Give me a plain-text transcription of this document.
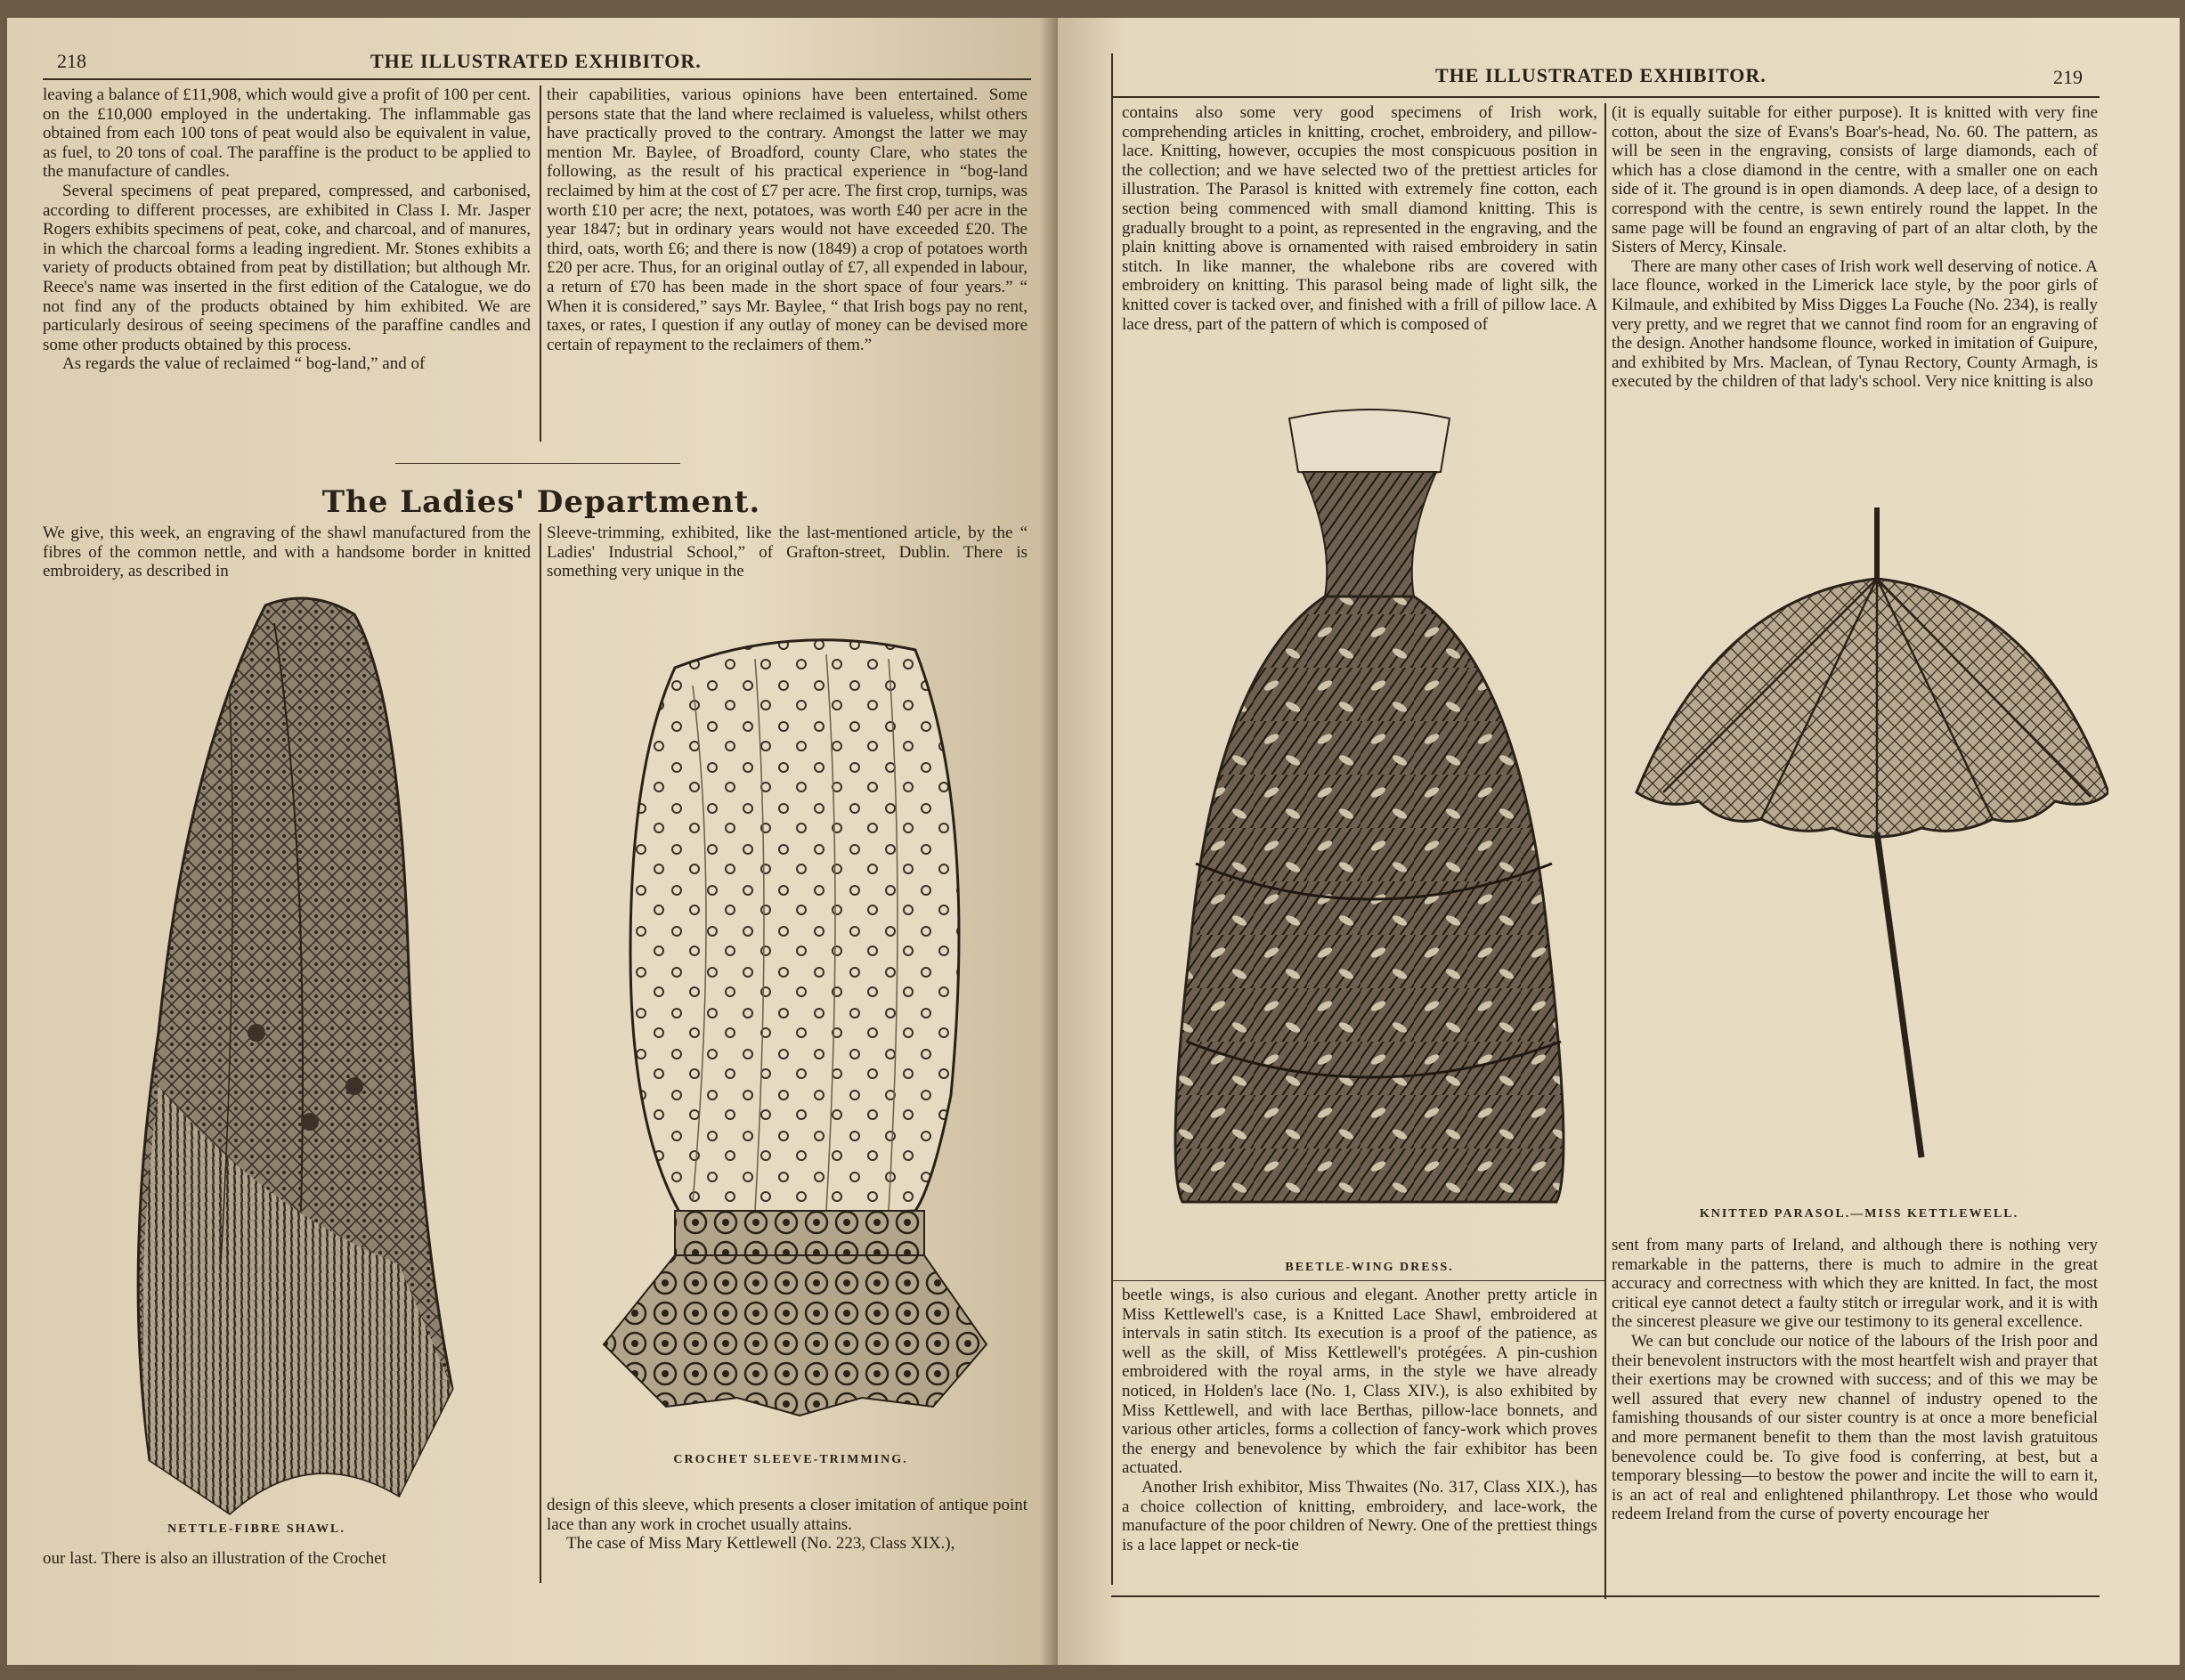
218	THE ILLUSTRATED EXHIBITOR.

leaving a balance of £11,908, which would give a profit of 100 per cent. on the £10,000 employed in the undertaking. The inflammable gas obtained from each 100 tons of peat would also be equivalent in value, as fuel, to 20 tons of coal. The paraffine is the product to be applied to the manufacture of candles.

Several specimens of peat prepared, compressed, and carbonised, according to different processes, are exhibited in Class I. Mr. Jasper Rogers exhibits specimens of peat, coke, and charcoal, and of manures, in which the charcoal forms a leading ingredient. Mr. Stones exhibits a variety of products obtained from peat by distillation; but although Mr. Reece's name was inserted in the first edition of the Catalogue, we do not find any of the products obtained by him exhibited. We are particularly desirous of seeing specimens of the paraffine candles and some other products obtained by this process.

As regards the value of reclaimed “ bog-land,” and of

their capabilities, various opinions have been entertained. Some persons state that the land where reclaimed is valueless, whilst others have practically proved to the contrary. Amongst the latter we may mention Mr. Baylee, of Broadford, county Clare, who states the following, as the result of his practical experience in “bog-land reclaimed by him at the cost of £7 per acre. The first crop, turnips, was worth £10 per acre; the next, potatoes, was worth £40 per acre in the year 1847; but in ordinary years would not have exceeded £20. The third, oats, worth £6; and there is now (1849) a crop of potatoes worth £20 per acre. Thus, for an original outlay of £7, all expended in labour, a return of £70 has been made in the short space of four years.” “ When it is considered,” says Mr. Baylee, “ that Irish bogs pay no rent, taxes, or rates, I question if any outlay of money can be devised more certain of repayment to the reclaimers of them.”

The Ladies' Department.

We give, this week, an engraving of the shawl manufactured from the fibres of the common nettle, and with a handsome border in knitted embroidery, as described in

Sleeve-trimming, exhibited, like the last-mentioned article, by the “ Ladies' Industrial School,” of Grafton-street, Dublin. There is something very unique in the

NETTLE-FIBRE SHAWL.
CROCHET SLEEVE-TRIMMING.

our last. There is also an illustration of the Crochet

design of this sleeve, which presents a closer imitation of antique point lace than any work in crochet usually attains.

The case of Miss Mary Kettlewell (No. 223, Class XIX.),

THE ILLUSTRATED EXHIBITOR.	219

contains also some very good specimens of Irish work, comprehending articles in knitting, crochet, embroidery, and pillow-lace. Knitting, however, occupies the most conspicuous position in the collection; and we have selected two of the prettiest articles for illustration. The Parasol is knitted with extremely fine cotton, each section being commenced with small diamond knitting. This is gradually brought to a point, as represented in the engraving, and the plain knitting above is ornamented with raised embroidery in satin stitch. In like manner, the whalebone ribs are covered with embroidery on knitting. This parasol being made of light silk, the knitted cover is tacked over, and finished with a frill of pillow lace. A lace dress, part of the pattern of which is composed of

(it is equally suitable for either purpose). It is knitted with very fine cotton, about the size of Evans's Boar's-head, No. 60. The pattern, as will be seen in the engraving, consists of large diamonds, each of which has a close diamond in the centre, with a smaller one on each side of it. The ground is in open diamonds. A deep lace, of a design to correspond with the centre, is sewn entirely round the lappet. In the same page will be found an engraving of part of an altar cloth, by the Sisters of Mercy, Kinsale.

There are many other cases of Irish work well deserving of notice. A lace flounce, worked in the Limerick lace style, by the poor girls of Kilmaule, and exhibited by Miss Digges La Fouche (No. 234), is really very pretty, and we regret that we cannot find room for an engraving of the design. Another handsome flounce, worked in imitation of Guipure, and exhibited by Mrs. Maclean, of Tynau Rectory, County Armagh, is executed by the children of that lady's school. Very nice knitting is also

BEETLE-WING DRESS.
KNITTED PARASOL.—MISS KETTLEWELL.

beetle wings, is also curious and elegant. Another pretty article in Miss Kettlewell's case, is a Knitted Lace Shawl, embroidered at intervals in satin stitch. Its execution is a proof of the patience, as well as the skill, of Miss Kettlewell's protégées. A pin-cushion embroidered with the royal arms, in the style we have already noticed, in Holden's lace (No. 1, Class XIV.), is also exhibited by Miss Kettlewell, and with lace Berthas, pillow-lace bonnets, and various other articles, forms a collection of fancy-work which proves the energy and benevolence by which the fair exhibitor has been actuated.

Another Irish exhibitor, Miss Thwaites (No. 317, Class XIX.), has a choice collection of knitting, embroidery, and lace-work, the manufacture of the poor children of Newry. One of the prettiest things is a lace lappet or neck-tie

sent from many parts of Ireland, and although there is nothing very remarkable in the patterns, there is much to admire in the great accuracy and correctness with which they are knitted. In fact, the most critical eye cannot detect a faulty stitch or irregular work, and it is with the sincerest pleasure we give our testimony to its general excellence.

We can but conclude our notice of the labours of the Irish poor and their benevolent instructors with the most heartfelt wish and prayer that their exertions may be crowned with success; and of this we may be well assured that every new channel of industry opened to the famishing thousands of our sister country is at once a more beneficial and more permanent benefit to them than the most lavish gratuitous benevolence could be. To give food is conferring, at best, but a temporary blessing—to bestow the power and incite the will to earn it, is an act of real and enlightened philanthropy. Let those who would redeem Ireland from the curse of poverty encourage her
